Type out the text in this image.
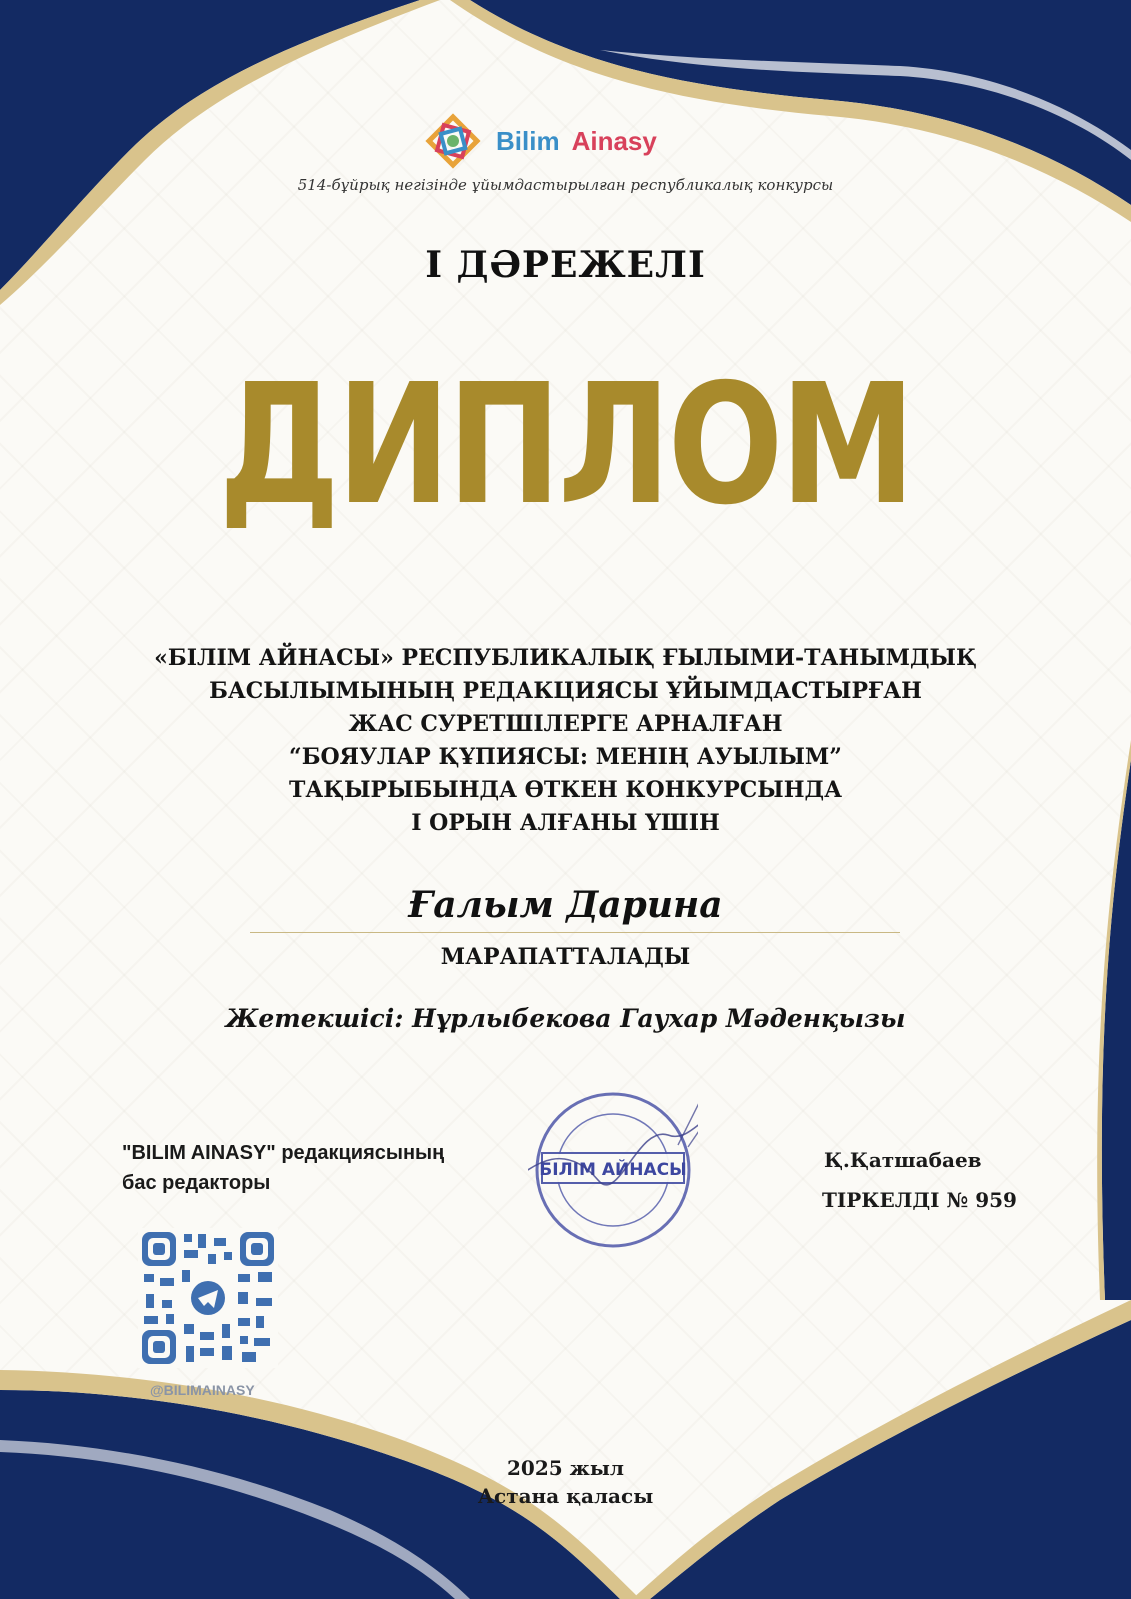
Bilim Ainasy
514-бұйрық негізінде ұйымдастырылған республикалық конкурсы
І ДӘРЕЖЕЛІ
ДИПЛОМ
«БІЛІМ АЙНАСЫ» РЕСПУБЛИКАЛЫҚ ҒЫЛЫМИ-ТАНЫМДЫҚ
БАСЫЛЫМЫНЫҢ РЕДАКЦИЯСЫ ҰЙЫМДАСТЫРҒАН
ЖАС СУРЕТШІЛЕРГЕ АРНАЛҒАН
“БОЯУЛАР ҚҰПИЯСЫ: МЕНІҢ АУЫЛЫМ”
ТАҚЫРЫБЫНДА ӨТКЕН КОНКУРСЫНДА
І ОРЫН АЛҒАНЫ ҮШІН
Ғалым Дарина
МАРАПАТТАЛАДЫ
Жетекшісі: Нұрлыбекова Гаухар Мәденқызы
"BILIM AINASY" редакциясының
бас редакторы
БІЛІМ АЙНАСЫ	Қ.Қатшабаев
ТІРКЕЛДІ № 959
@BILIMAINASY
2025 жыл
Астана қаласы
